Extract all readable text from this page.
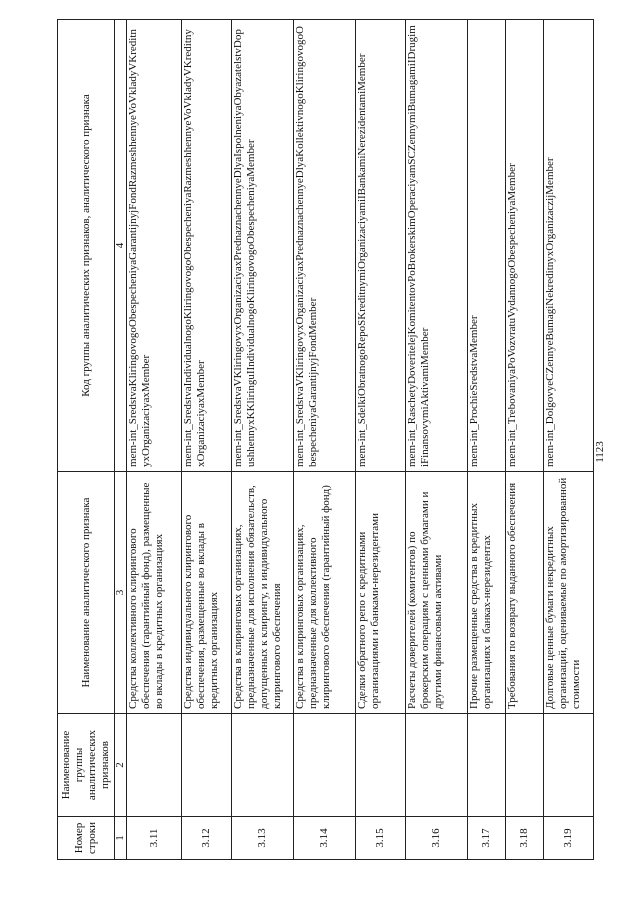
1123
Номер строки	Наименование группы аналитических признаков	Наименование аналитического признака	Код группы аналитических признаков, аналитического признака
1	2	3	4
3.11		Средства коллективного клирингового обеспечения (гарантийный фонд), размещенные во вклады в кредитных организациях	mem-int_SredstvaKliringovogoObespecheniyaGarantijnyjFondRazmeshhennyeVoVkladyVKreditnyxOrganizaciyaxMember
3.12		Средства индивидуального клирингового обеспечения, размещенные во вклады в кредитных организациях	mem-int_SredstvaIndividualnogoKliringovogoObespecheniyaRazmeshhennyeVoVkladyVKreditnyxOrganizaciyaxMember
3.13		Средства в клиринговых организациях, предназначенные для исполнения обязательств, допущенных к клирингу, и индивидуального клирингового обеспечения	mem-int_SredstvaVKliringovyxOrganizaciyaxPrednaznachennyeDlyaIspolneniyaObyazatelstvDopushhennyxKKliringuIIndividualnogoKliringovogoObespecheniyaMember
3.14		Средства в клиринговых организациях, предназначенные для коллективного клирингового обеспечения (гарантийный фонд)	mem-int_SredstvaVKliringovyxOrganizaciyaxPrednaznachennyeDlyaKollektivnogoKliringovogoObespecheniyaGarantijnyjFondMember
3.15		Сделки обратного репо с кредитными организациями и банками-нерезидентами	mem-int_SdelkiObratnogoRepoSKreditnymiOrganizaciyamiIBankamiNerezidentamiMember
3.16		Расчеты доверителей (комитентов) по брокерским операциям с ценными бумагами и другими финансовыми активами	mem-int_RaschetyDoveritelejKomitentovPoBrokerskimOperaciyamSCZennymiBumagamiIDrugimiFinansovymiAktivamiMember
3.17		Прочие размещенные средства в кредитных организациях и банках-нерезидентах	mem-int_ProchieSredstvaMember
3.18		Требования по возврату выданного обеспечения	mem-int_TrebovaniyaPoVozvratuVydannogoObespecheniyaMember
3.19		Долговые ценные бумаги некредитных организаций, оцениваемые по амортизированной стоимости	mem-int_DolgovyeCZennyeBumagiNekreditnyxOrganizaczijMember
